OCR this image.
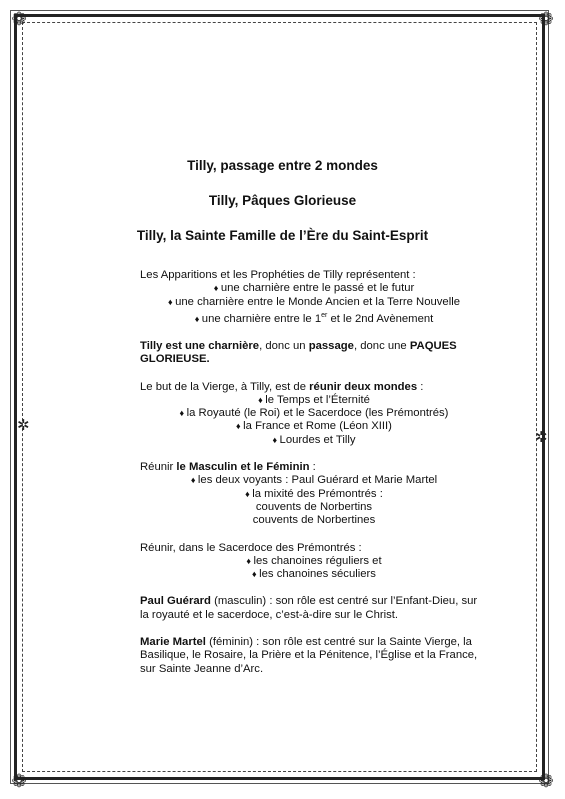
❁	❁
❁	❁
✲
✲
Tilly, passage entre 2 mondes
Tilly, Pâques Glorieuse
Tilly, la Sainte Famille de l’Ère du Saint-Esprit
Les Apparitions et les Prophéties de Tilly représentent :
♦ une charnière entre le passé et le futur
♦ une charnière entre le Monde Ancien et la Terre Nouvelle
♦ une charnière entre le 1er et le 2nd Avènement
Tilly est une charnière, donc un passage, donc une PAQUES GLORIEUSE.
Le but de la Vierge, à Tilly, est de réunir deux mondes :
♦ le Temps et l’Éternité
♦ la Royauté (le Roi) et le Sacerdoce (les Prémontrés)
♦ la France et Rome (Léon XIII)
♦ Lourdes et Tilly
Réunir le Masculin et le Féminin :
♦ les deux voyants : Paul Guérard et Marie Martel
♦ la mixité des Prémontrés :
couvents de Norbertins
couvents de Norbertines
Réunir, dans le Sacerdoce des Prémontrés :
♦ les chanoines réguliers et
♦ les chanoines séculiers
Paul Guérard (masculin) : son rôle est centré sur l’Enfant-Dieu, sur la royauté et le sacerdoce, c’est-à-dire sur le Christ.
Marie Martel (féminin) : son rôle est centré sur la Sainte Vierge, la Basilique, le Rosaire, la Prière et la Pénitence, l’Église et la France, sur Sainte Jeanne d’Arc.
